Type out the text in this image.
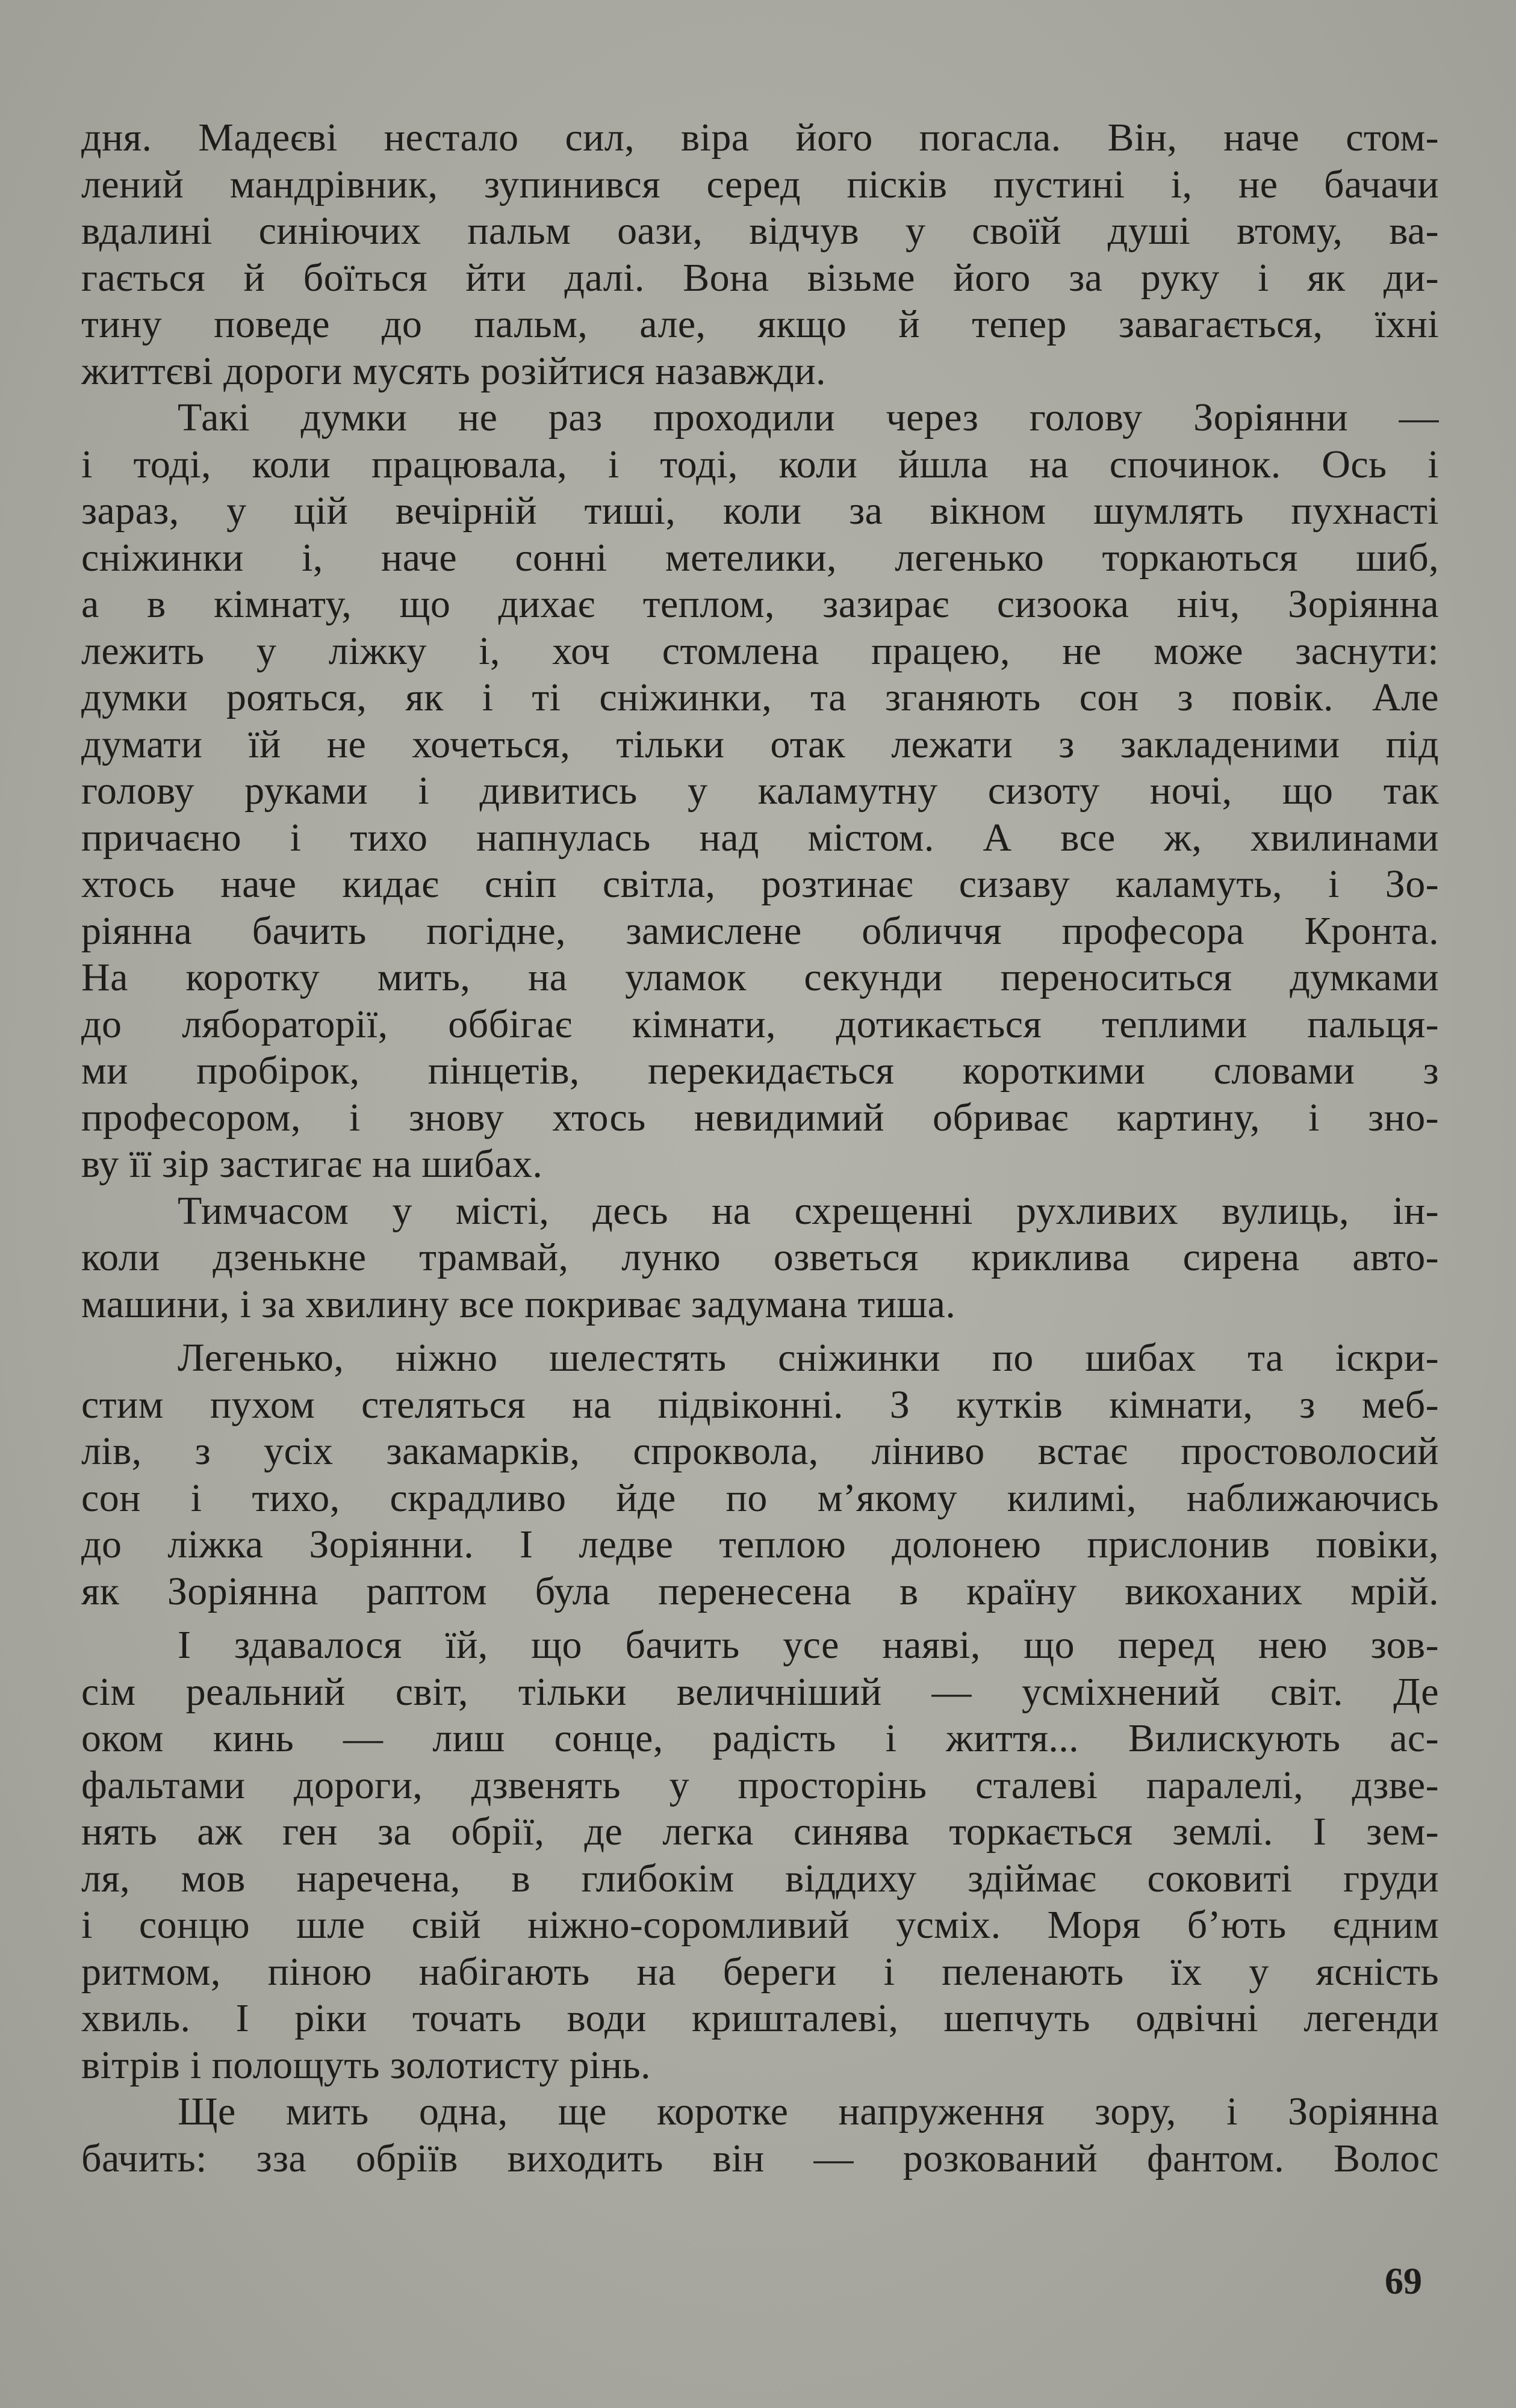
дня. Мадеєві нестало сил, віра його погасла. Він, наче стом-
лений мандрівник, зупинився серед пісків пустині і, не бачачи
вдалині синіючих пальм оази, відчув у своїй душі втому, ва-
гається й боїться йти далі. Вона візьме його за руку і як ди-
тину поведе до пальм, але, якщо й тепер завагається, їхні
життєві дороги мусять розійтися назавжди.
Такі думки не раз проходили через голову Зоріянни —
і тоді, коли працювала, і тоді, коли йшла на спочинок. Ось і
зараз, у цій вечірній тиші, коли за вікном шумлять пухнасті
сніжинки і, наче сонні метелики, легенько торкаються шиб,
а в кімнату, що дихає теплом, зазирає сизоока ніч, Зоріянна
лежить у ліжку і, хоч стомлена працею, не може заснути:
думки рояться, як і ті сніжинки, та зганяють сон з повік. Але
думати їй не хочеться, тільки отак лежати з закладеними під
голову руками і дивитись у каламутну сизоту ночі, що так
причаєно і тихо напнулась над містом. А все ж, хвилинами
хтось наче кидає сніп світла, розтинає сизаву каламуть, і Зо-
ріянна бачить погідне, замислене обличчя професора Кронта.
На коротку мить, на уламок секунди переноситься думками
до лябораторії, оббігає кімнати, дотикається теплими пальця-
ми пробірок, пінцетів, перекидається короткими словами з
професором, і знову хтось невидимий обриває картину, і зно-
ву її зір застигає на шибах.
Тимчасом у місті, десь на схрещенні рухливих вулиць, ін-
коли дзенькне трамвай, лунко озветься криклива сирена авто-
машини, і за хвилину все покриває задумана тиша.
Легенько, ніжно шелестять сніжинки по шибах та іскри-
стим пухом стеляться на підвіконні. З кутків кімнати, з меб-
лів, з усіх закамарків, спроквола, ліниво встає простоволосий
сон і тихо, скрадливо йде по м’якому килимі, наближаючись
до ліжка Зоріянни. І ледве теплою долонею прислонив повіки,
як Зоріянна раптом була перенесена в країну викоханих мрій.
І здавалося їй, що бачить усе наяві, що перед нею зов-
сім реальний світ, тільки величніший — усміхнений світ. Де
оком кинь — лиш сонце, радість і життя... Вилискують ас-
фальтами дороги, дзвенять у просторінь сталеві паралелі, дзве-
нять аж ген за обрії, де легка синява торкається землі. І зем-
ля, мов наречена, в глибокім віддиху здіймає соковиті груди
і сонцю шле свій ніжно-соромливий усміх. Моря б’ють єдним
ритмом, піною набігають на береги і пеленають їх у ясність
хвиль. І ріки точать води кришталеві, шепчуть одвічні легенди
вітрів і полощуть золотисту рінь.
Ще мить одна, ще коротке напруження зору, і Зоріянна
бачить: зза обріїв виходить він — розкований фантом. Волос
69
